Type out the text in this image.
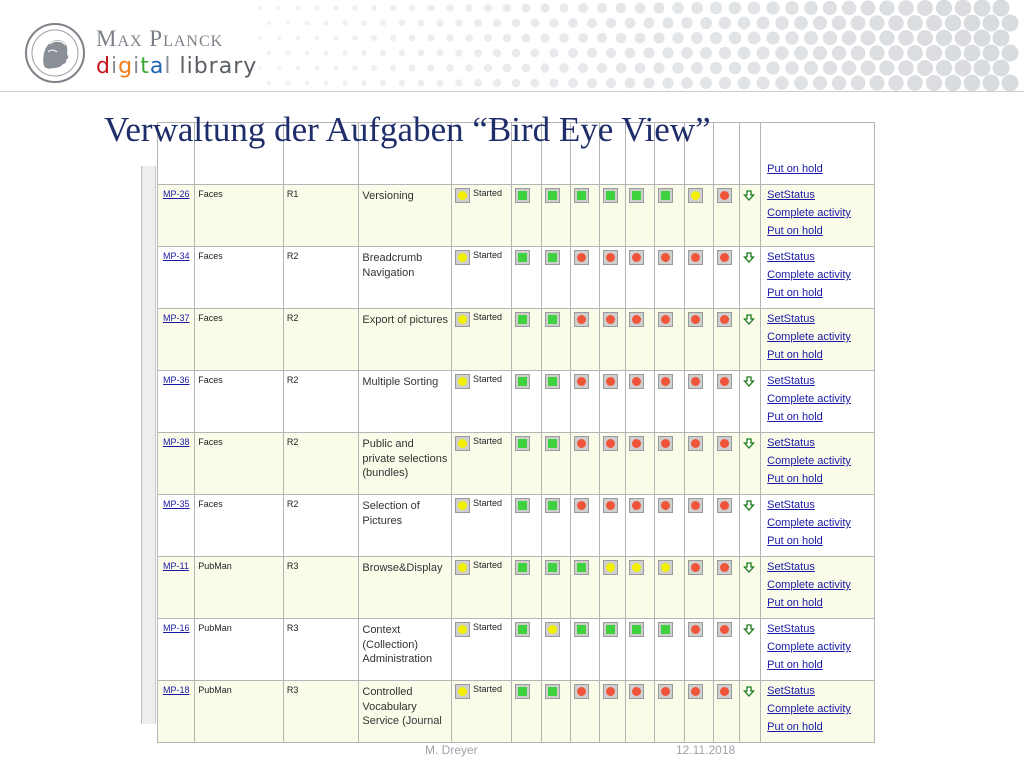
Max Planck
digital library
Verwaltung der Aufgaben “Bird Eye View”

														Put on hold

MP-26	Faces	R1	Versioning	Started										SetStatus
Complete activity
Put on hold

MP-34	Faces	R2	Breadcrumb Navigation	Started										SetStatus
Complete activity
Put on hold

MP-37	Faces	R2	Export of pictures	Started										SetStatus
Complete activity
Put on hold

MP-36	Faces	R2	Multiple Sorting	Started										SetStatus
Complete activity
Put on hold

MP-38	Faces	R2	Public and private selections (bundles)	Started										SetStatus
Complete activity
Put on hold

MP-35	Faces	R2	Selection of Pictures	Started										SetStatus
Complete activity
Put on hold

MP-11	PubMan	R3	Browse&Display	Started										SetStatus
Complete activity
Put on hold

MP-16	PubMan	R3	Context (Collection) Administration	Started										SetStatus
Complete activity
Put on hold

MP-18	PubMan	R3	Controlled Vocabulary Service (Journal	Started										SetStatus
Complete activity
Put on hold
M. Dreyer	12.11.2018
